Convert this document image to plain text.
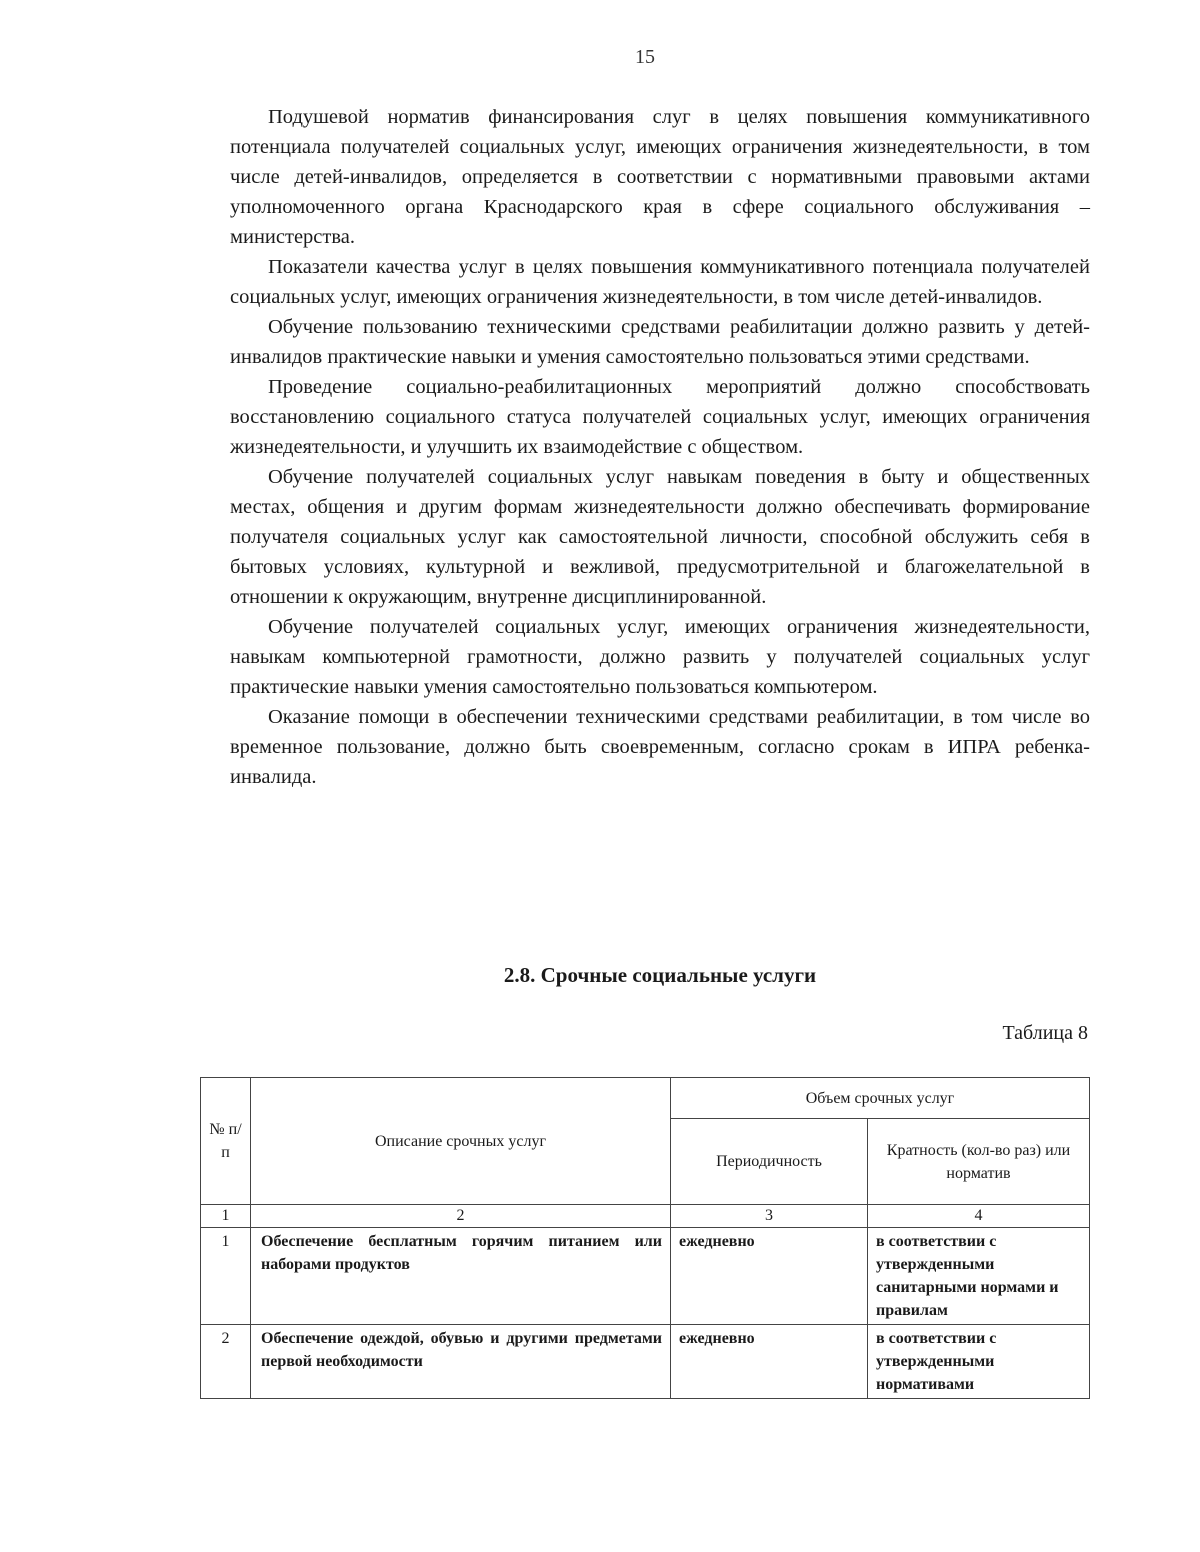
15

Подушевой норматив финансирования слуг в целях повышения коммуникативного потенциала получателей социальных услуг, имеющих ограничения жизнедеятельности, в том числе детей-инвалидов, определяется в соответствии с нормативными правовыми актами уполномоченного органа Краснодарского края в сфере социального обслуживания – министерства.

Показатели качества услуг в целях повышения коммуникативного потенциала получателей социальных услуг, имеющих ограничения жизнедеятельности, в том числе детей-инвалидов.

Обучение пользованию техническими средствами реабилитации должно развить у детей-инвалидов практические навыки и умения самостоятельно пользоваться этими средствами.

Проведение социально-реабилитационных мероприятий должно способствовать восстановлению социального статуса получателей социальных услуг, имеющих ограничения жизнедеятельности, и улучшить их взаимодействие с обществом.

Обучение получателей социальных услуг навыкам поведения в быту и общественных местах, общения и другим формам жизнедеятельности должно обеспечивать формирование получателя социальных услуг как самостоятельной личности, способной обслужить себя в бытовых условиях, культурной и вежливой, предусмотрительной и благожелательной в отношении к окружающим, внутренне дисциплинированной.

Обучение получателей социальных услуг, имеющих ограничения жизнедеятельности, навыкам компьютерной грамотности, должно развить у получателей социальных услуг практические навыки умения самостоятельно пользоваться компьютером.

Оказание помощи в обеспечении техническими средствами реабилитации, в том числе во временное пользование, должно быть своевременным, согласно срокам в ИПРА ребенка-инвалида.

2.8. Срочные социальные услуги
Таблица 8
№ п/п	Описание срочных услуг	Объем срочных услуг	
		Периодичность	Кратность (кол-во раз) или норматив
1	2	3	4
1	Обеспечение бесплатным горячим питанием или наборами продуктов	ежедневно	в соответствии с утвержденными санитарными нормами и правилам
2	Обеспечение одеждой, обувью и другими предметами первой необходимости	ежедневно	в соответствии с утвержденными нормативами
